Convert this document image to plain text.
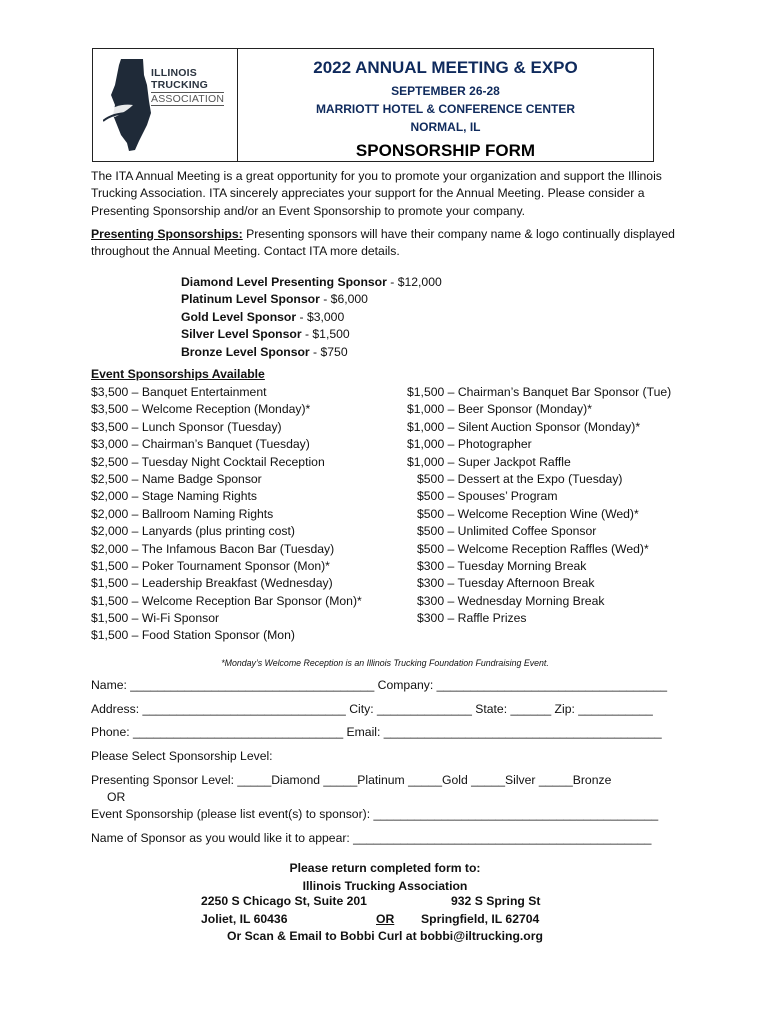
ILLINOIS
TRUCKING
ASSOCIATION
2022 ANNUAL MEETING & EXPO
SEPTEMBER 26-28
MARRIOTT HOTEL & CONFERENCE CENTER
NORMAL, IL
SPONSORSHIP FORM
The ITA Annual Meeting is a great opportunity for you to promote your organization and support the Illinois Trucking Association. ITA sincerely appreciates your support for the Annual Meeting. Please consider a Presenting Sponsorship and/or an Event Sponsorship to promote your company.
Presenting Sponsorships: Presenting sponsors will have their company name & logo continually displayed throughout the Annual Meeting. Contact ITA more details.
Diamond Level Presenting Sponsor - $12,000
Platinum Level Sponsor - $6,000
Gold Level Sponsor - $3,000
Silver Level Sponsor - $1,500
Bronze Level Sponsor - $750
Event Sponsorships Available
$3,500 – Banquet Entertainment
$3,500 – Welcome Reception (Monday)*
$3,500 – Lunch Sponsor (Tuesday)
$3,000 – Chairman’s Banquet (Tuesday)
$2,500 – Tuesday Night Cocktail Reception
$2,500 – Name Badge Sponsor
$2,000 – Stage Naming Rights
$2,000 – Ballroom Naming Rights
$2,000 – Lanyards (plus printing cost)
$2,000 – The Infamous Bacon Bar (Tuesday)
$1,500 – Poker Tournament Sponsor (Mon)*
$1,500 – Leadership Breakfast (Wednesday)
$1,500 – Welcome Reception Bar Sponsor (Mon)*
$1,500 – Wi-Fi Sponsor
$1,500 – Food Station Sponsor (Mon)
$1,500 – Chairman’s Banquet Bar Sponsor (Tue)
$1,000 – Beer Sponsor (Monday)*
$1,000 – Silent Auction Sponsor (Monday)*
$1,000 – Photographer
$1,000 – Super Jackpot Raffle
$500 – Dessert at the Expo (Tuesday)
$500 – Spouses’ Program
$500 – Welcome Reception Wine (Wed)*
$500 – Unlimited Coffee Sponsor
$500 – Welcome Reception Raffles (Wed)*
$300 – Tuesday Morning Break
$300 – Tuesday Afternoon Break
$300 – Wednesday Morning Break
$300 – Raffle Prizes
*Monday’s Welcome Reception is an Illinois Trucking Foundation Fundraising Event.
Name: ____________________________________ Company: __________________________________
Address: ______________________________ City: ______________ State: ______ Zip: ___________
Phone: _______________________________ Email: _________________________________________
Please Select Sponsorship Level:
Presenting Sponsor Level: _____Diamond _____Platinum _____Gold _____Silver _____Bronze
OR
Event Sponsorship (please list event(s) to sponsor): __________________________________________
Name of Sponsor as you would like it to appear: ____________________________________________
Please return completed form to:
Illinois Trucking Association
2250 S Chicago St, Suite 201	932 S Spring St
Joliet, IL 60436	OR Springfield, IL 62704
Or Scan & Email to Bobbi Curl at bobbi@iltrucking.org
